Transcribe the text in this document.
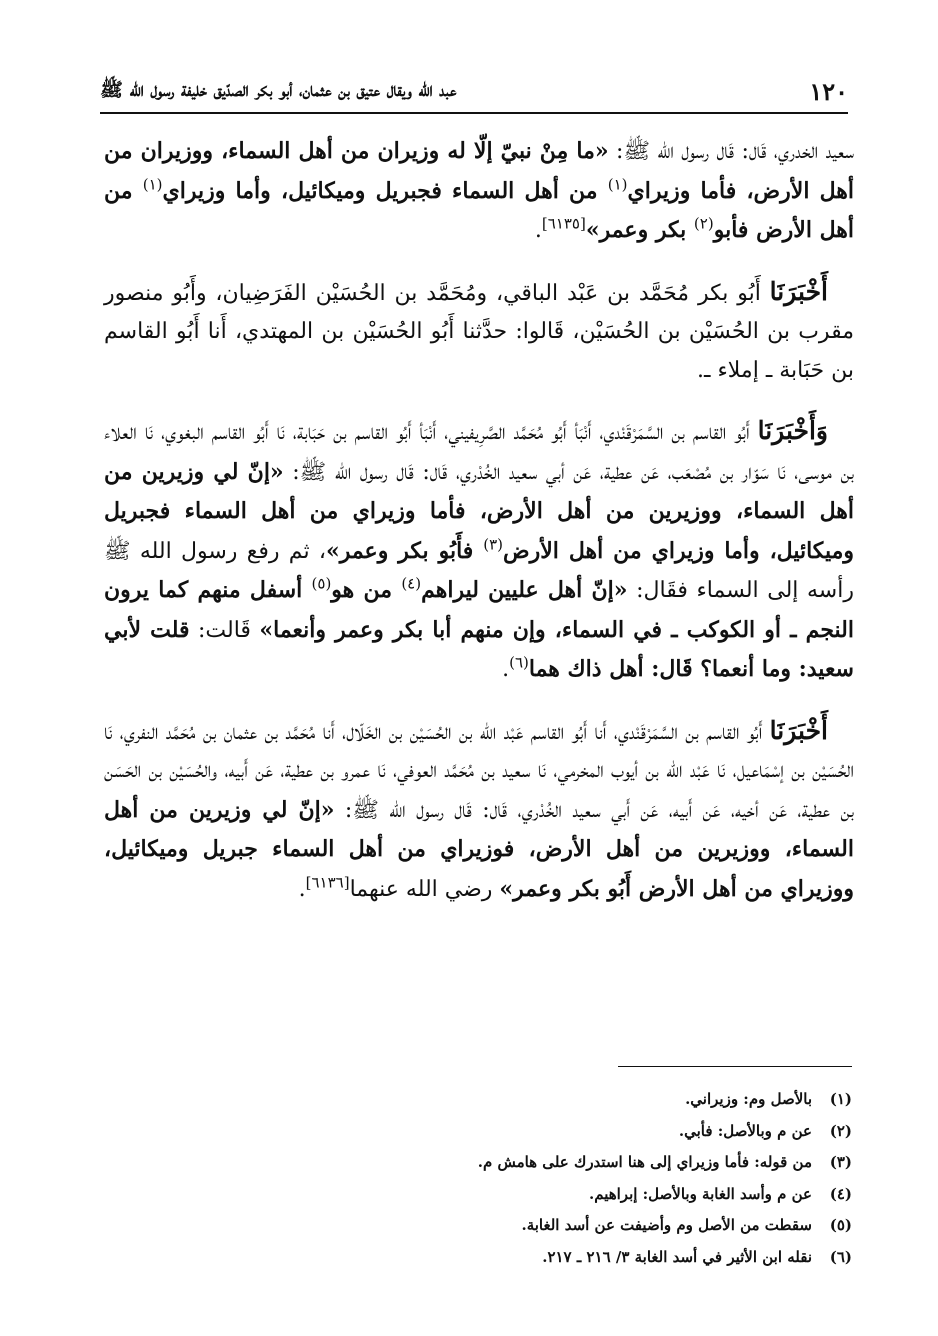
١٢٠
عبد الله ويقال عتيق بن عثمان، أبو بكر الصدّيق خليفة رسول الله ﷺ

سعيد الخدري، قَال: قَال رسول الله ﷺ: «ما مِنْ نبيّ إلّا له وزيران من أهل السماء، ووزيران من أهل الأرض، فأما وزيراي$^{(١)}$ من أهل السماء فجبريل وميكائيل، وأما وزيراي$^{(١)}$ من أهل الأرض فأبو$^{(٢)}$ بكر وعمر»[٦١٣٥].

أَخْبَرَنَا أَبُو بكر مُحَمَّد بن عَبْد الباقي، ومُحَمَّد بن الحُسَيْن الفَرَضِيان، وأَبُو منصور مقرب بن الحُسَيْن بن الحُسَيْن، قَالوا: حدَّثنا أَبُو الحُسَيْن بن المهتدي، أَنا أَبُو القاسم بن حَبَابة ـ إملاء ـ.

وَأَخْبَرَنَا أَبُو القاسم بن السَّمَرْقَنْدي، أَنْبَأ أَبُو مُحَمَّد الصَّرِيفيني، أَنْبَأ أَبُو القاسم بن حَبَابة، نَا أَبُو القاسم البغوي، نَا العلاء بن موسى، نَا سَوّار بن مُصْعَب، عَن عطية، عَن أبي سعيد الخُدْري، قَال: قَال رسول الله ﷺ: «إنّ لي وزيرين من أهل السماء، ووزيرين من أهل الأرض، فأما وزيراي من أهل السماء فجبريل وميكائيل، وأما وزيراي من أهل الأرض$^{(٣)}$ فأَبُو بكر وعمر»، ثم رفع رسول الله ﷺ رأسه إلى السماء فقَال: «إنّ أهل عليين ليراهم$^{(٤)}$ من هو$^{(٥)}$ أسفل منهم كما يرون النجم ـ أو الكوكب ـ في السماء، وإن منهم أبا بكر وعمر وأنعما» قَالت: قلت لأبي سعيد: وما أنعما؟ قَال: أهل ذاك هما$^{(٦)}$.

أَخْبَرَنَا أَبُو القاسم بن السَّمَرْقَنْدي، أَنا أَبُو القاسم عَبْد الله بن الحُسَيْن بن الخَلّال، أَنا مُحَمَّد بن عثمان بن مُحَمَّد النفري، نَا الحُسَيْن بن إسْمَاعيل، نَا عَبْد الله بن أيوب المخرمي، نَا سعيد بن مُحَمَّد العوفي، نَا عمرو بن عطية، عَن أَبيه، والحُسَيْن بن الحَسَن بن عطية، عَن أخيه، عَن أَبيه، عَن أَبي سعيد الخُدْري، قَال: قَال رسول الله ﷺ: «إنّ لي وزيرين من أهل السماء، ووزيرين من أهل الأرض، فوزيراي من أهل السماء جبريل وميكائيل، ووزيراي من أهل الأرض أَبُو بكر وعمر» رضي الله عنهما[٦١٣٦].

(١)
بالأصل وم: وزيراني.
(٢)
عن م وبالأصل: فأبي.
(٣)
من قوله: فأما وزيراي إلى هنا استدرك على هامش م.
(٤)
عن م وأسد الغابة وبالأصل: إبراهيم.
(٥)
سقطت من الأصل وم وأضيفت عن أسد الغابة.
(٦)
نقله ابن الأثير في أسد الغابة ٣/ ٢١٦ ـ ٢١٧.
